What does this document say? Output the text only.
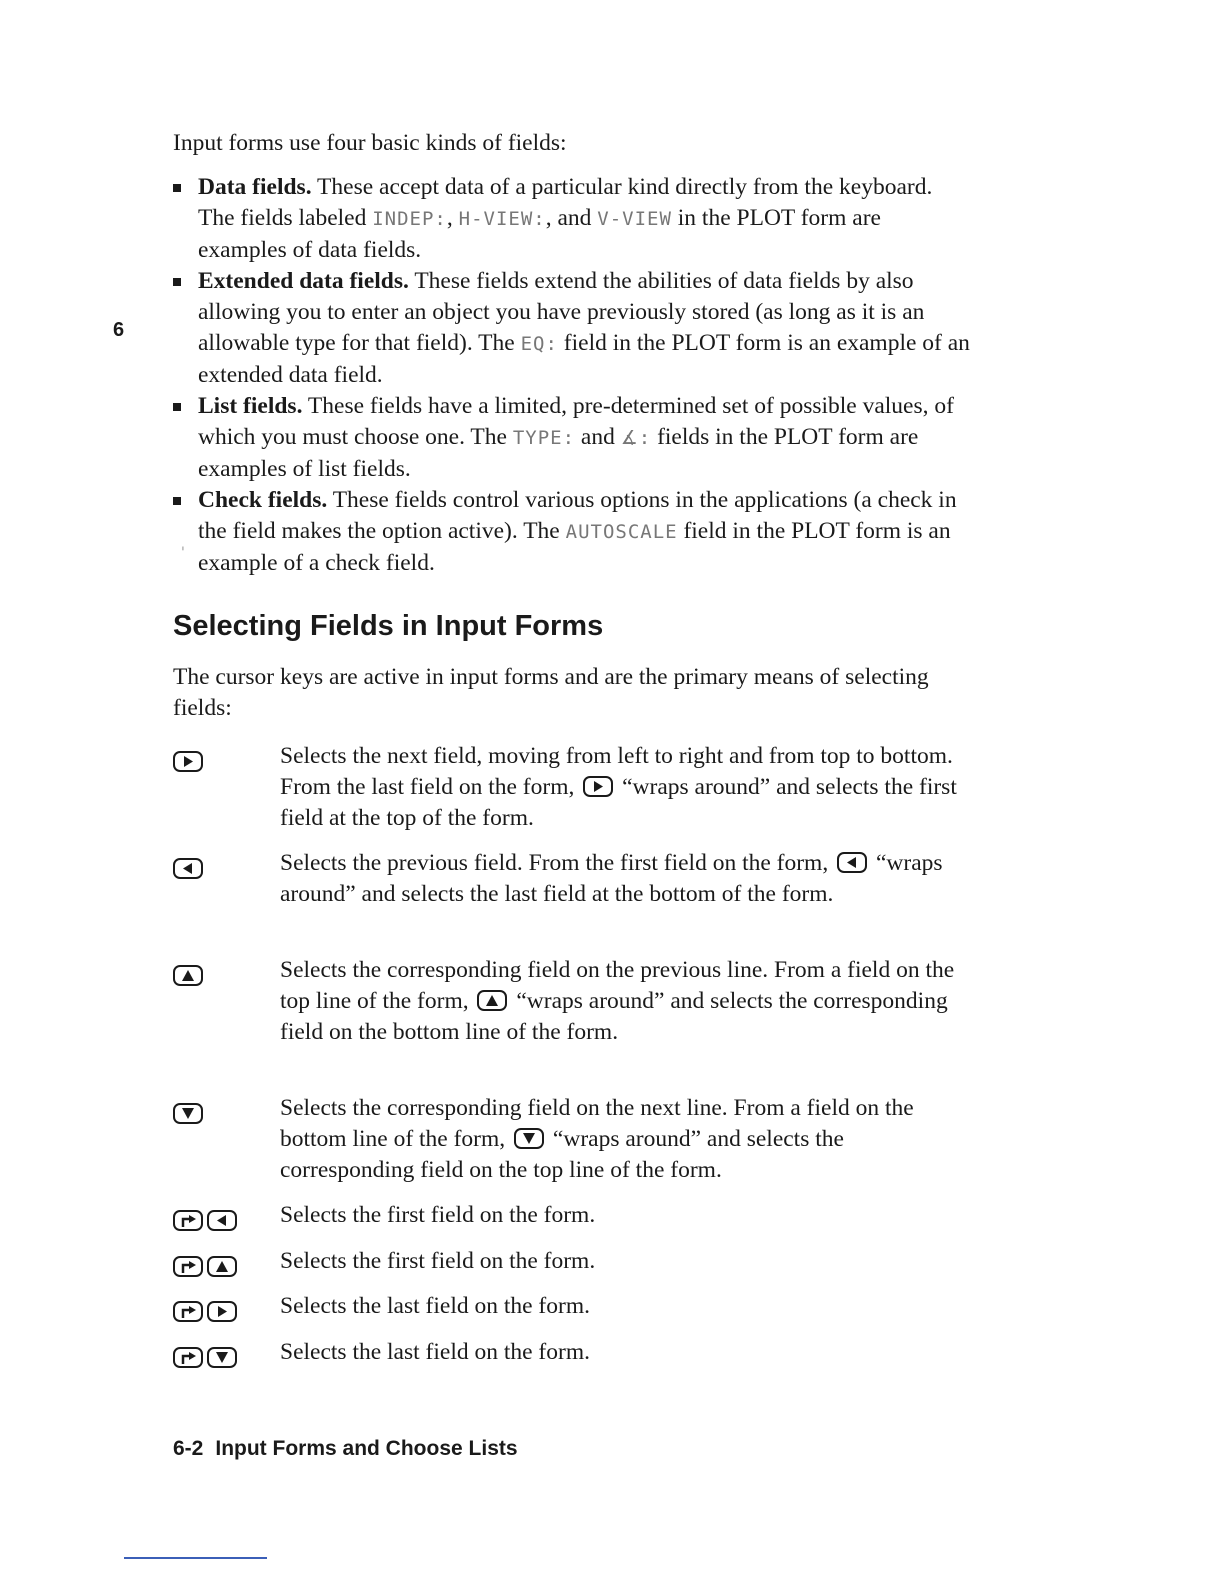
Input forms use four basic kinds of fields:
Data fields. These accept data of a particular kind directly from the keyboard. The fields labeled INDEP:, H-VIEW:, and V-VIEW in the PLOT form are examples of data fields.
Extended data fields. These fields extend the abilities of data fields by also allowing you to enter an object you have previously stored (as long as it is an allowable type for that field). The EQ: field in the PLOT form is an example of an extended data field.
List fields. These fields have a limited, pre-determined set of possible values, of which you must choose one. The TYPE: and ∡: fields in the PLOT form are examples of list fields.
Check fields. These fields control various options in the applications (a check in the field makes the option active). The AUTOSCALE field in the PLOT form is an example of a check field.
6
'
Selecting Fields in Input Forms
The cursor keys are active in input forms and are the primary means of selecting fields:
Selects the next field, moving from left to right and from top to bottom. From the last field on the form,
“wraps around” and selects the first field at the top of the form.
Selects the previous field. From the first field on the form,
“wraps around” and selects the last field at the bottom of the form.
Selects the corresponding field on the previous line. From a field on the top line of the form,
“wraps around” and selects the corresponding field on the bottom line of the form.
Selects the corresponding field on the next line. From a field on the bottom line of the form,
“wraps around” and selects the corresponding field on the top line of the form.
Selects the first field on the form.
Selects the first field on the form.
Selects the last field on the form.
Selects the last field on the form.
6-2 Input Forms and Choose Lists
